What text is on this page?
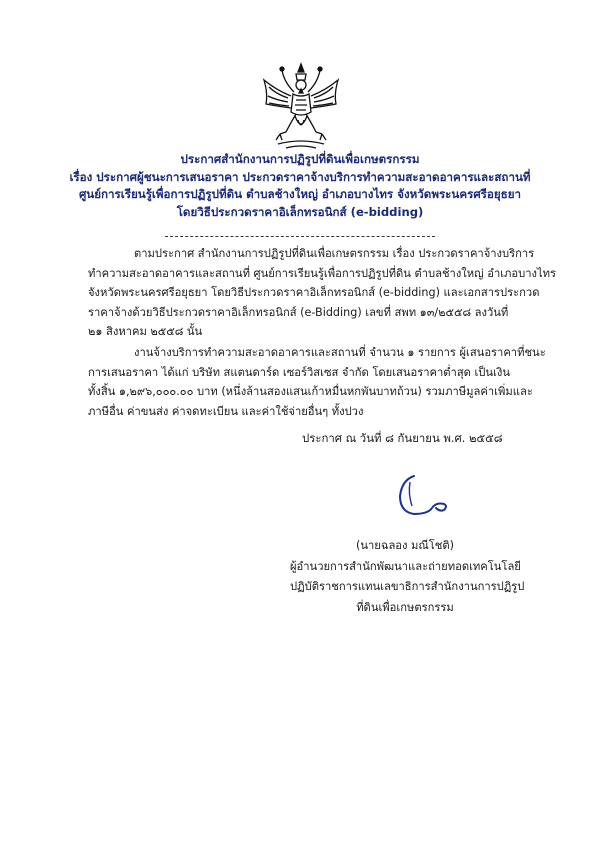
ประกาศสำนักงานการปฏิรูปที่ดินเพื่อเกษตรกรรม
เรื่อง ประกาศผู้ชนะการเสนอราคา ประกวดราคาจ้างบริการทำความสะอาดอาคารและสถานที่
ศูนย์การเรียนรู้เพื่อการปฏิรูปที่ดิน ตำบลช้างใหญ่ อำเภอบางไทร จังหวัดพระนครศรีอยุธยา
โดยวิธีประกวดราคาอิเล็กทรอนิกส์ (e-bidding)

ตามประกาศ สำนักงานการปฏิรูปที่ดินเพื่อเกษตรกรรม เรื่อง ประกวดราคาจ้างบริการ

ทำความสะอาดอาคารและสถานที่ ศูนย์การเรียนรู้เพื่อการปฏิรูปที่ดิน ตำบลช้างใหญ่ อำเภอบางไทร

จังหวัดพระนครศรีอยุธยา โดยวิธีประกวดราคาอิเล็กทรอนิกส์ (e-bidding) และเอกสารประกวด

ราคาจ้างด้วยวิธีประกวดราคาอิเล็กทรอนิกส์ (e-Bidding) เลขที่ สพท ๑๓/๒๕๕๘ ลงวันที่

๒๑ สิงหาคม ๒๕๕๘ นั้น

งานจ้างบริการทำความสะอาดอาคารและสถานที่ จำนวน ๑ รายการ ผู้เสนอราคาที่ชนะ

การเสนอราคา ได้แก่ บริษัท สแตนดาร์ด เซอร์วิสเซส จำกัด โดยเสนอราคาต่ำสุด เป็นเงิน

ทั้งสิ้น ๑,๒๙๖,๐๐๐.๐๐ บาท (หนึ่งล้านสองแสนเก้าหมื่นหกพันบาทถ้วน) รวมภาษีมูลค่าเพิ่มและ

ภาษีอื่น ค่าขนส่ง ค่าจดทะเบียน และค่าใช้จ่ายอื่นๆ ทั้งปวง

ประกาศ ณ วันที่ ๘ กันยายน พ.ศ. ๒๕๕๘
(นายฉลอง มณีโชติ)
ผู้อำนวยการสำนักพัฒนาและถ่ายทอดเทคโนโลยี
ปฏิบัติราชการแทนเลขาธิการสำนักงานการปฏิรูป
ที่ดินเพื่อเกษตรกรรม
